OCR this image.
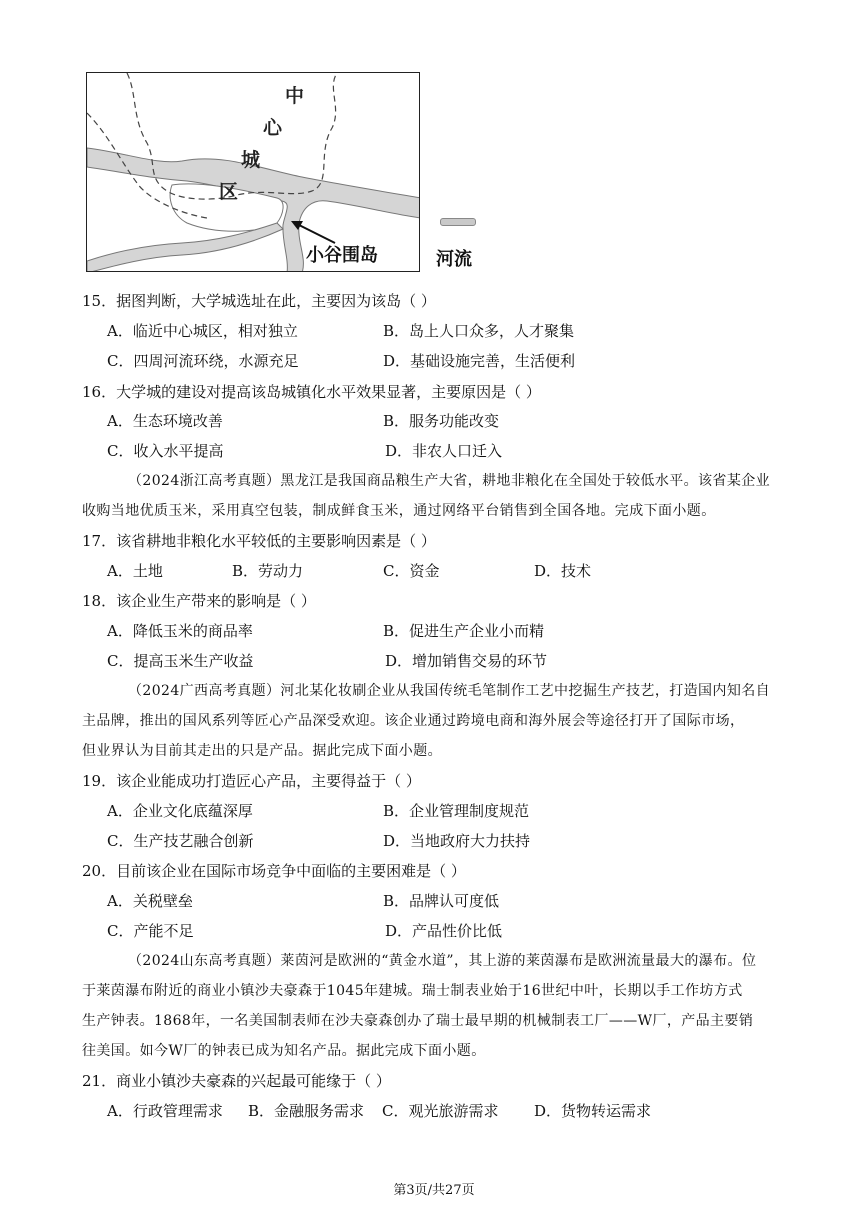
中
心
城
区
小谷围岛	河流
15．据图判断，大学城选址在此，主要因为该岛（ ）
A．临近中心城区，相对独立	B．岛上人口众多，人才聚集
C．四周河流环绕，水源充足	D．基础设施完善，生活便利
16．大学城的建设对提高该岛城镇化水平效果显著，主要原因是（ ）
A．生态环境改善	B．服务功能改变
C．收入水平提高	D．非农人口迁入
（2024浙江高考真题）黑龙江是我国商品粮生产大省，耕地非粮化在全国处于较低水平。该省某企业
收购当地优质玉米，采用真空包装，制成鲜食玉米，通过网络平台销售到全国各地。完成下面小题。
17．该省耕地非粮化水平较低的主要影响因素是（ ）
A．土地	B．劳动力	C．资金	D．技术
18．该企业生产带来的影响是（ ）
A．降低玉米的商品率	B．促进生产企业小而精
C．提高玉米生产收益	D．增加销售交易的环节
（2024广西高考真题）河北某化妆刷企业从我国传统毛笔制作工艺中挖掘生产技艺，打造国内知名自
主品牌，推出的国风系列等匠心产品深受欢迎。该企业通过跨境电商和海外展会等途径打开了国际市场，
但业界认为目前其走出的只是产品。据此完成下面小题。
19．该企业能成功打造匠心产品，主要得益于（ ）
A．企业文化底蕴深厚	B．企业管理制度规范
C．生产技艺融合创新	D．当地政府大力扶持
20．目前该企业在国际市场竞争中面临的主要困难是（ ）
A．关税壁垒	B．品牌认可度低
C．产能不足	D．产品性价比低
（2024山东高考真题）莱茵河是欧洲的“黄金水道”，其上游的莱茵瀑布是欧洲流量最大的瀑布。位
于莱茵瀑布附近的商业小镇沙夫豪森于1045年建城。瑞士制表业始于16世纪中叶，长期以手工作坊方式
生产钟表。1868年，一名美国制表师在沙夫豪森创办了瑞士最早期的机械制表工厂——W厂，产品主要销
往美国。如今W厂的钟表已成为知名产品。据此完成下面小题。
21．商业小镇沙夫豪森的兴起最可能缘于（ ）
A．行政管理需求 B．金融服务需求 C．观光旅游需求 D．货物转运需求
第3页/共27页
